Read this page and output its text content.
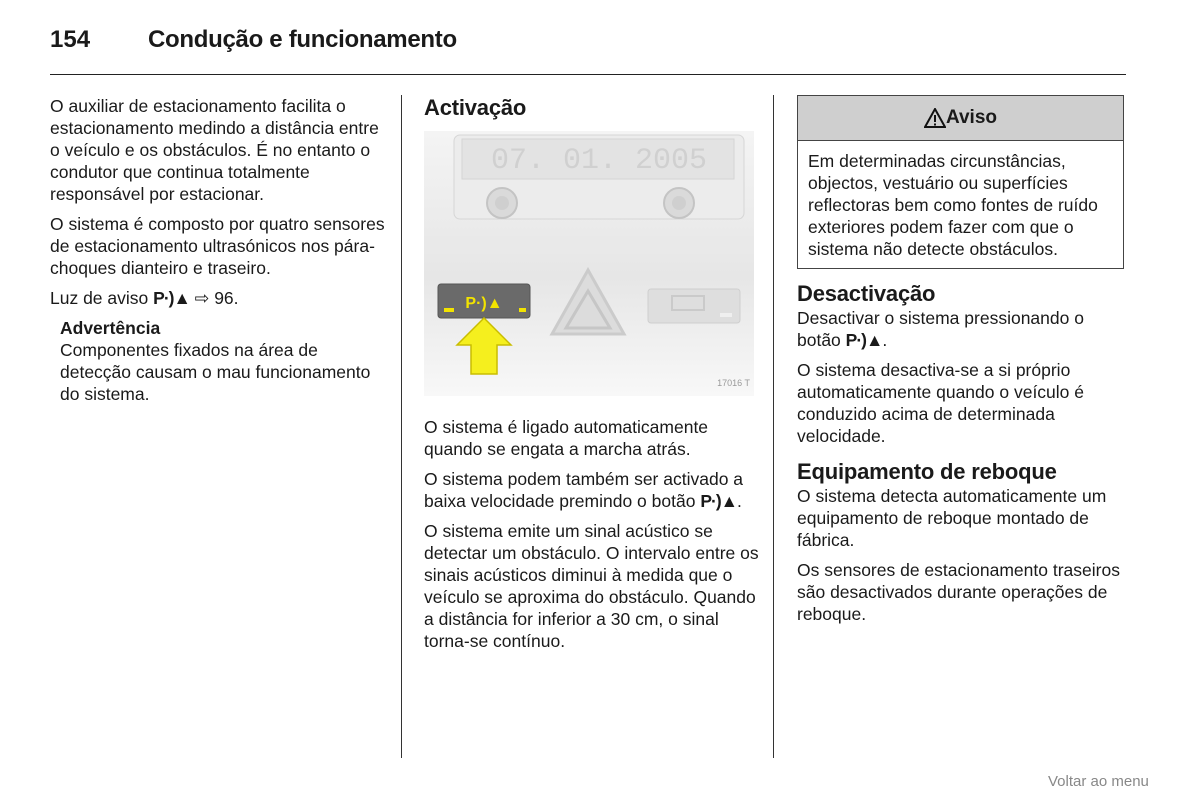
154 Condução e funcionamento

O auxiliar de estacionamento facilita o estacionamento medindo a distância entre o veículo e os obstáculos. É no entanto o condutor que continua totalmente responsável por estacionar.

O sistema é composto por quatro sensores de estacionamento ultrasónicos nos pára-choques dianteiro e traseiro.

Luz de aviso P·)▲ ⇨ 96.

Advertência
Componentes fixados na área de detecção causam o mau funcionamento do sistema.
Activação
07. 01. 2005
P·)▲
17016 T

O sistema é ligado automaticamente quando se engata a marcha atrás.

O sistema podem também ser activado a baixa velocidade premindo o botão P·)▲.

O sistema emite um sinal acústico se detectar um obstáculo. O intervalo entre os sinais acústicos diminui à medida que o veículo se aproxima do obstáculo. Quando a distância for inferior a 30 cm, o sinal torna-se contínuo.

Aviso
Em determinadas circunstâncias, objectos, vestuário ou superfícies reflectoras bem como fontes de ruído exteriores podem fazer com que o sistema não detecte obstáculos.
Desactivação

Desactivar o sistema pressionando o botão P·)▲.

O sistema desactiva-se a si próprio automaticamente quando o veículo é conduzido acima de determinada velocidade.

Equipamento de reboque

O sistema detecta automaticamente um equipamento de reboque montado de fábrica.

Os sensores de estacionamento traseiros são desactivados durante operações de reboque.

Voltar ao menu
